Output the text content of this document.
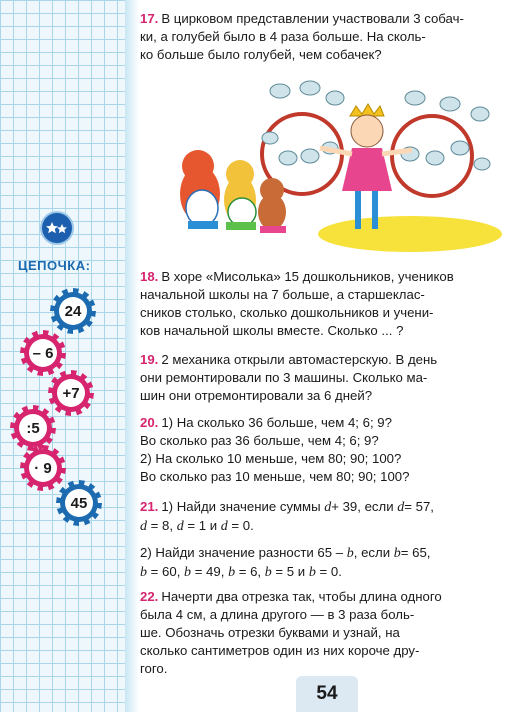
ЦЕПОЧКА:
24
– 6
+7
:5
· 9
45
17. В цирковом представлении участвовали 3 собач-
ки, а голубей было в 4 раза больше. На сколь-
ко больше было голубей, чем собачек?
18. В хоре «Мисолька» 15 дошкольников, учеников
начальной школы на 7 больше, а старшеклас-
сников столько, сколько дошкольников и учени-
ков начальной школы вместе. Сколько ... ?
19. 2 механика открыли автомастерскую. В день
они ремонтировали по 3 машины. Сколько ма-
шин они отремонтировали за 6 дней?
20. 1) На сколько 36 больше, чем 4; 6; 9?
Во сколько раз 36 больше, чем 4; 6; 9?
2) На сколько 10 меньше, чем 80; 90; 100?
Во сколько раз 10 меньше, чем 80; 90; 100?
21. 1) Найди значение суммы d+ 39, если d= 57,
d = 8, d = 1 и d = 0.
2) Найди значение разности 65 – b, если b= 65,
b = 60, b = 49, b = 6, b = 5 и b = 0.
22. Начерти два отрезка так, чтобы длина одного
была 4 см, а длина другого — в 3 раза боль-
ше. Обозначь отрезки буквами и узнай, на
сколько сантиметров один из них короче дру-
гого.
54
